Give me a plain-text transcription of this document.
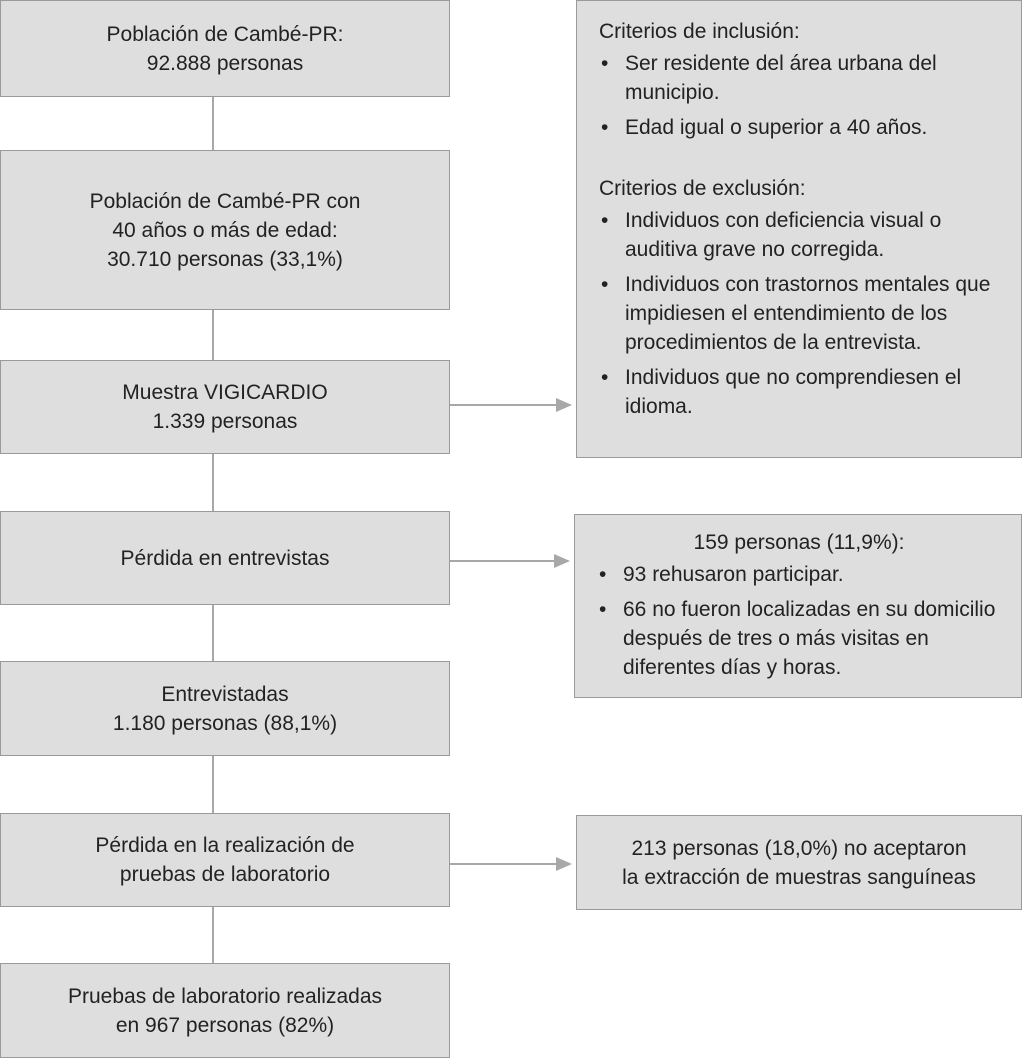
Población de Cambé-PR:
92.888 personas
Población de Cambé-PR con
40 años o más de edad:
30.710 personas (33,1%)
Muestra VIGICARDIO
1.339 personas
Pérdida en entrevistas
Entrevistadas
1.180 personas (88,1%)
Pérdida en la realización de
pruebas de laboratorio
Pruebas de laboratorio realizadas
en 967 personas (82%)
Criterios de inclusión:
• Ser residente del área urbana del municipio.
• Edad igual o superior a 40 años.
Criterios de exclusión:
• Individuos con deficiencia visual o auditiva grave no corregida.
• Individuos con trastornos mentales que impidiesen el entendimiento de los procedimientos de la entrevista.
• Individuos que no comprendiesen el idioma.
159 personas (11,9%):
• 93 rehusaron participar.
• 66 no fueron localizadas en su domicilio después de tres o más visitas en diferentes días y horas.
213 personas (18,0%) no aceptaron
la extracción de muestras sanguíneas
